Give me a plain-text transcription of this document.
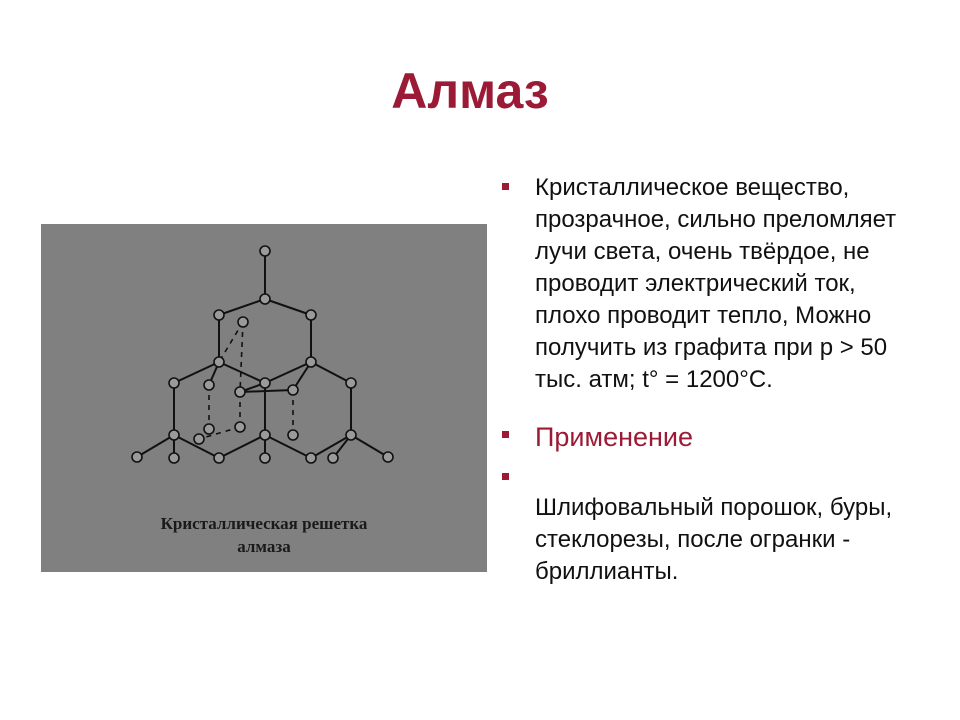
Алмаз
Кристаллическая решетка
алмаза
Кристаллическое вещество, прозрачное, сильно преломляет лучи света, очень твёрдое, не проводит электрический ток, плохо проводит тепло, Можно получить из графита при р > 50 тыс. атм; t° = 1200°С.
Применение
Шлифовальный порошок, буры, стеклорезы, после огранки - бриллианты.
